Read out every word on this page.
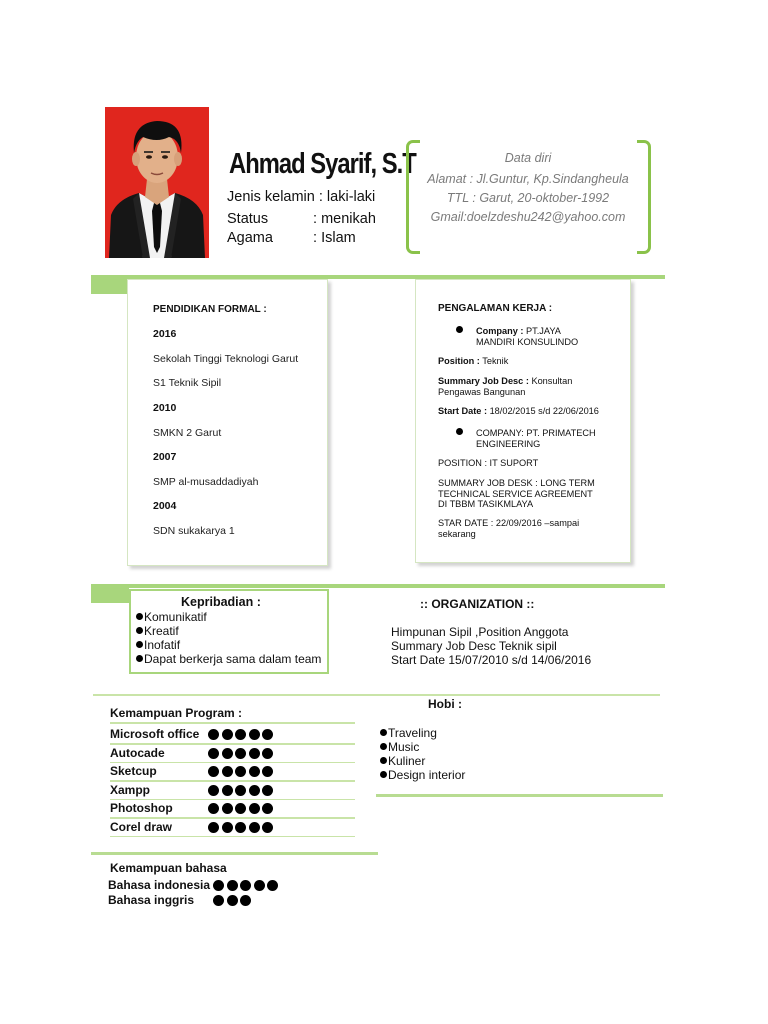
Ahmad Syarif, S.T
Jenis kelamin : laki-laki
Status	: menikah
Agama	: Islam
Data diri
Alamat : Jl.Guntur, Kp.Sindangheula
TTL : Garut, 20-oktober-1992
Gmail:doelzdeshu242@yahoo.com
PENDIDIKAN FORMAL :
2016
Sekolah Tinggi Teknologi Garut
S1 Teknik Sipil
2010
SMKN 2 Garut
2007
SMP al-musaddadiyah
2004
SDN sukakarya 1
PENGALAMAN KERJA :
Company : PT.JAYA
MANDIRI KONSULINDO
Position : Teknik
Summary Job Desc : Konsultan
Pengawas Bangunan
Start Date : 18/02/2015 s/d 22/06/2016
COMPANY: PT. PRIMATECH
ENGINEERING
POSITION : IT SUPORT
SUMMARY JOB DESK : LONG TERM
TECHNICAL SERVICE AGREEMENT
DI TBBM TASIKMLAYA
STAR DATE : 22/09/2016 –sampai
sekarang
Kepribadian :
Komunikatif
Kreatif
Inofatif
Dapat berkerja sama dalam team
:: ORGANIZATION ::
Himpunan Sipil ,Position Anggota
Summary Job Desc Teknik sipil
Start Date 15/07/2010 s/d 14/06/2016
Kemampuan Program :
Microsoft office
Autocade
Sketcup
Xampp
Photoshop
Corel draw
Hobi :
Traveling
Music
Kuliner
Design interior
Kemampuan bahasa
Bahasa indonesia
Bahasa inggris
